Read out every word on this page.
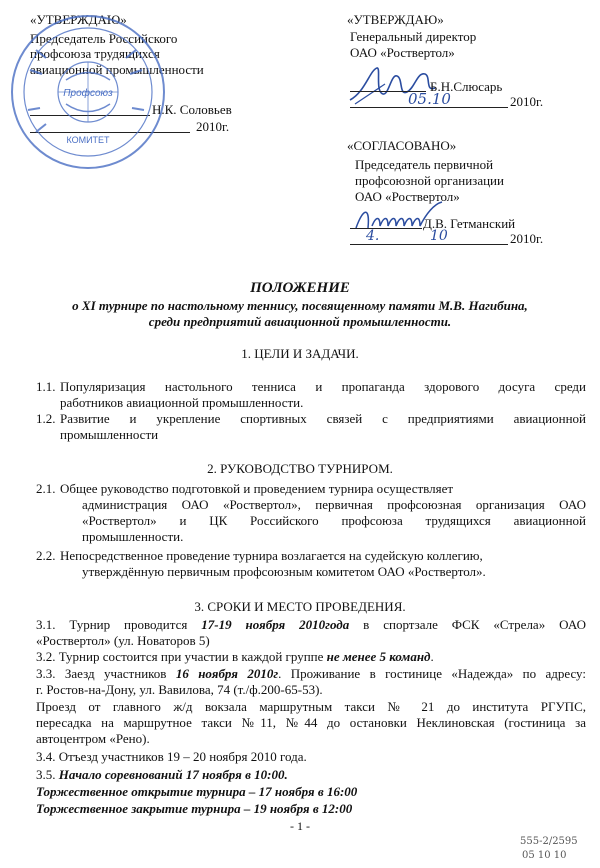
«УТВЕРЖДАЮ»
Председатель Российского
профсоюза трудящихся
авиационной промышленности
Н.К. Соловьев
2010г.
Профсоюз
КОМИТЕТ
«УТВЕРЖДАЮ»
Генеральный директор
ОАО «Роствертол»
Б.Н.Слюсарь
05.10	2010г.
«СОГЛАСОВАНО»
Председатель первичной
профсоюзной организации
ОАО «Роствертол»
Д.В. Гетманский
4.	10	2010г.
ПОЛОЖЕНИЕ
о XI турнире по настольному теннису, посвященному памяти М.В. Нагибина,
среди предприятий авиационной промышленности.
1. ЦЕЛИ И ЗАДАЧИ.
1.1. Популяризация настольного тенниса и пропаганда здорового досуга среди
работников авиационной промышленности.
1.2. Развитие и укрепление спортивных связей с предприятиями авиационной
промышленности
2. РУКОВОДСТВО ТУРНИРОМ.
2.1. Общее руководство подготовкой и проведением турнира осуществляет
администрация ОАО «Роствертол», первичная профсоюзная организация ОАО
«Роствертол» и ЦК Российского профсоюза трудящихся авиационной
промышленности.
2.2. Непосредственное проведение турнира возлагается на судейскую коллегию,
утверждённую первичным профсоюзным комитетом ОАО «Роствертол».
3. СРОКИ И МЕСТО ПРОВЕДЕНИЯ.
3.1. Турнир проводится 17-19 ноября 2010года в спортзале ФСК «Стрела» ОАО
«Роствертол» (ул. Новаторов 5)
3.2. Турнир состоится при участии в каждой группе не менее 5 команд.
3.3. Заезд участников 16 ноября 2010г. Проживание в гостинице «Надежда» по адресу:
г. Ростов-на-Дону, ул. Вавилова, 74 (т./ф.200-65-53).
Проезд от главного ж/д вокзала маршрутным такси № 21 до института РГУПС,
пересадка на маршрутное такси №11, №44 до остановки Неклиновская (гостиница за
автоцентром «Рено).
3.4. Отъезд участников 19 – 20 ноября 2010 года.
3.5. Начало соревнований 17 ноября в 10:00.
Торжественное открытие турнира – 17 ноября в 16:00
Торжественное закрытие турнира – 19 ноября в 12:00
- 1 -
555-2/2595
05 10 10
